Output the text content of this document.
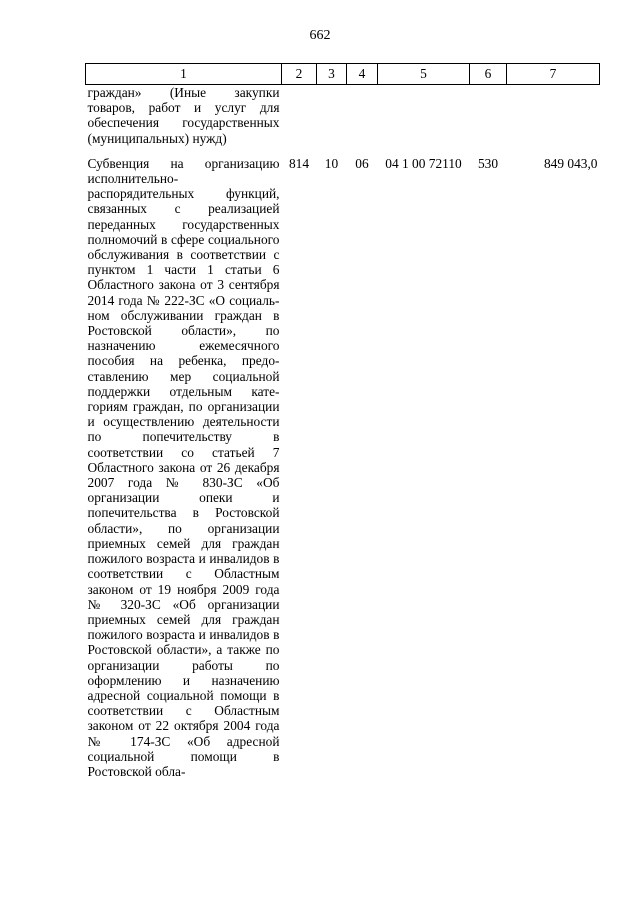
662
1	2	3	4	5	6	7
граждан» (Иные закупки товаров, работ и услуг для обеспечения государственных (муниципальных) нужд)						

Субвенция на организацию исполнительно-распорядительных функций, связанных с реализацией переданных государственных полномочий в сфере социального обслуживания в соответствии с пунктом 1 части 1 статьи 6 Областного закона от 3 сентября 2014 года № 222-ЗС «О социальном обслуживании граждан в Ростовской области», по назначению ежемесячного пособия на ребенка, предоставлению мер социальной поддержки отдельным категориям граждан, по организации и осуществлению деятельности по попечительству в соответствии со статьей 7 Областного закона от 26 декабря 2007 года № 830-ЗС «Об организации опеки и попечительства в Ростовской области», по организации приемных семей для граждан пожилого возраста и инвалидов в соответствии с Областным законом от 19 ноября 2009 года № 320-ЗС «Об организации приемных семей для граждан пожилого возраста и инвалидов в Ростовской области», а также по организации работы по оформлению и назначению адресной социальной помощи в соответствии с Областным законом от 22 октября 2004 года № 174-ЗС «Об адресной социальной помощи в Ростовской обла-	814	10	06	04 1 00 72110	530	849 043,0
